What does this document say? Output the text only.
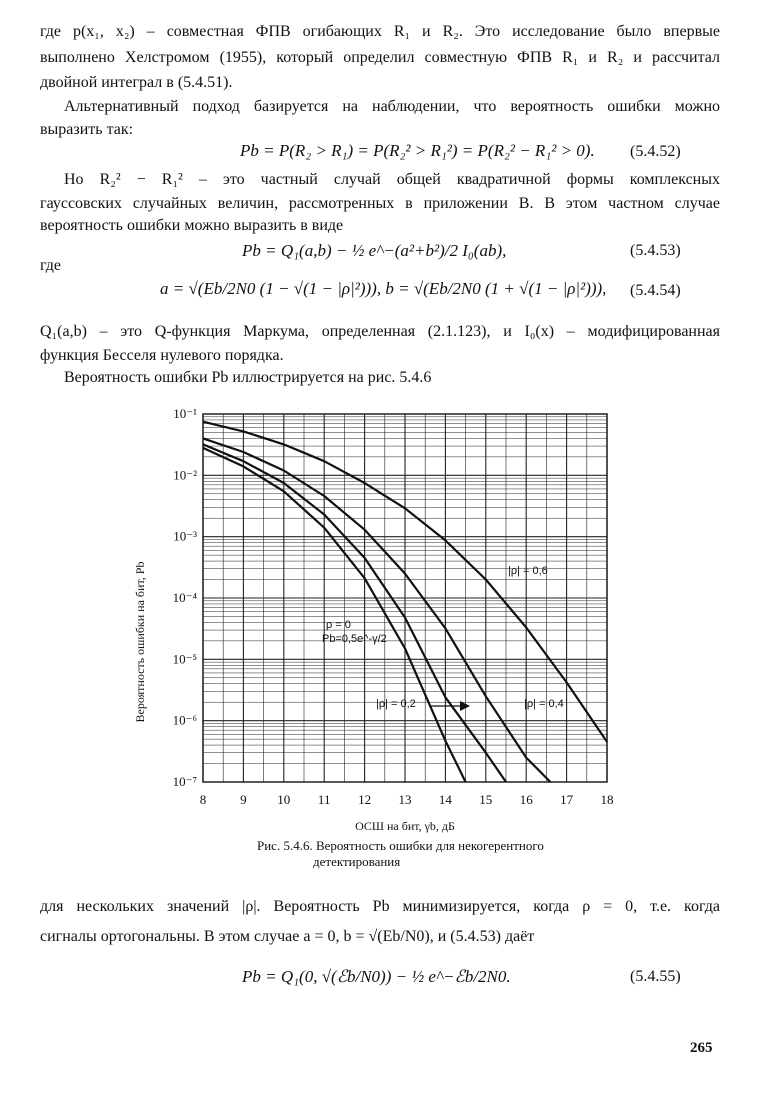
где p(x₁, x₂) – совместная ФПВ огибающих R₁ и R₂. Это исследование было впервые
выполнено Хелстромом (1955), который определил совместную ФПВ R₁ и R₂ и рассчитал
двойной интеграл в (5.4.51).
Альтернативный подход базируется на наблюдении, что вероятность ошибки можно
выразить так:
Pb = P(R₂ > R₁) = P(R₂² > R₁²) = P(R₂² − R₁² > 0). (5.4.52)
Но R₂² − R₁² – это частный случай общей квадратичной формы комплексных
гауссовских случайных величин, рассмотренных в приложении B. В этом частном случае
вероятность ошибки можно выразить в виде
Pb = Q₁(a,b) − ½ e^−(a²+b²)/2 I₀(ab),	(5.4.53)
где
a = √(Eb/2N0 (1 − √(1 − |ρ|²))), b = √(Eb/2N0 (1 + √(1 − |ρ|²))), (5.4.54)
Q₁(a,b) – это Q-функция Маркума, определенная (2.1.123), и I₀(x) – модифицированная
функция Бесселя нулевого порядка.
Вероятность ошибки Pb иллюстрируется на рис. 5.4.6
8	9 10 11 12 13 14 15 16 17 18
10⁻¹
10⁻²
10⁻³
10⁻⁴
10⁻⁵
10⁻⁶
10⁻⁷
Вероятность ошибки на бит, Pb
ОСШ на бит, γb, дБ
|ρ| = 0,6
ρ = 0
Pb=0,5e^-γ/2
|ρ| = 0,2	|ρ| = 0,4
Рис. 5.4.6. Вероятность ошибки для некогерентного
детектирования
для нескольких значений |ρ|. Вероятность Pb минимизируется, когда ρ = 0, т.е. когда
сигналы ортогональны. В этом случае a = 0, b = √(Eb/N0), и (5.4.53) даёт
Pb = Q₁(0, √(ℰb/N0)) − ½ e^−ℰb/2N0.	(5.4.55)
265
